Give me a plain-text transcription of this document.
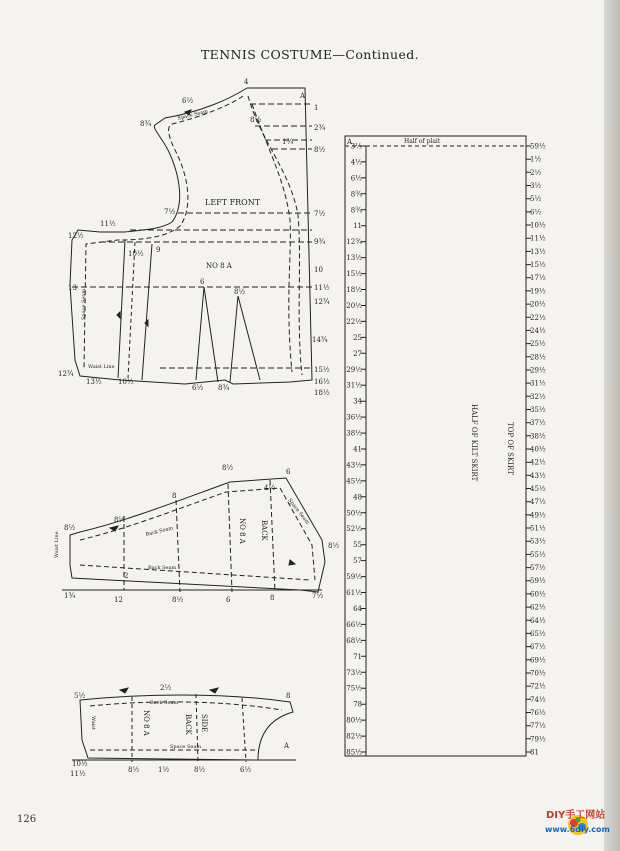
TENNIS COSTUME—Continued.
LEFT FRONT
NO 8 A
Space Seam
Space Seam
Waist Line
4
A
1
2¾
8½
6½
8¾	8½
1¾
7½
9¾
10
11½
12¾
14¾
15½
16½
18½
11½
12½
13
12¾
13½
7½
10½ 9
6
8½
10½
6½ 8¾
BACK
NO 8 A
Back Seam
Back Seam
Space Seam
Waist Line
8½	6
8
8½
8½
4½
8½
7½
1¾	12	8½	6	8
2
SIDE
BACK
NO 8 A
Back Seam
Space Seam
Waist
A
10½
11½	8½	1½	8½	6½
5½
2½
8
Half of plait
A
HALF OF KILT SKIRT	TOP OF SKIRT
3½
4½
6½
8¾
8¾
11
12¾
13½
15½
18½
20½
22½
25
27
29½
31½
34
36½
38½
41
43½
45½
48
50½
52½
55
57
59½
61½
64
66½
68½
71
73½
75½
78
80½
82½
85½
59½
1½
2½
3½
5½
6½
10½
11½
13½
15½
17½
19½
20½
22½
24½
25½
28½
29½
31½
32½
35½
37½
38½
40½
42½
43½
45½
47½
49½
51½
53½
55½
57½
59½
60½
62½
64½
65½
67½
69½
70½
72½
74½
76½
77½
79½
81
126	DIY手工网站
www.6diy.com
